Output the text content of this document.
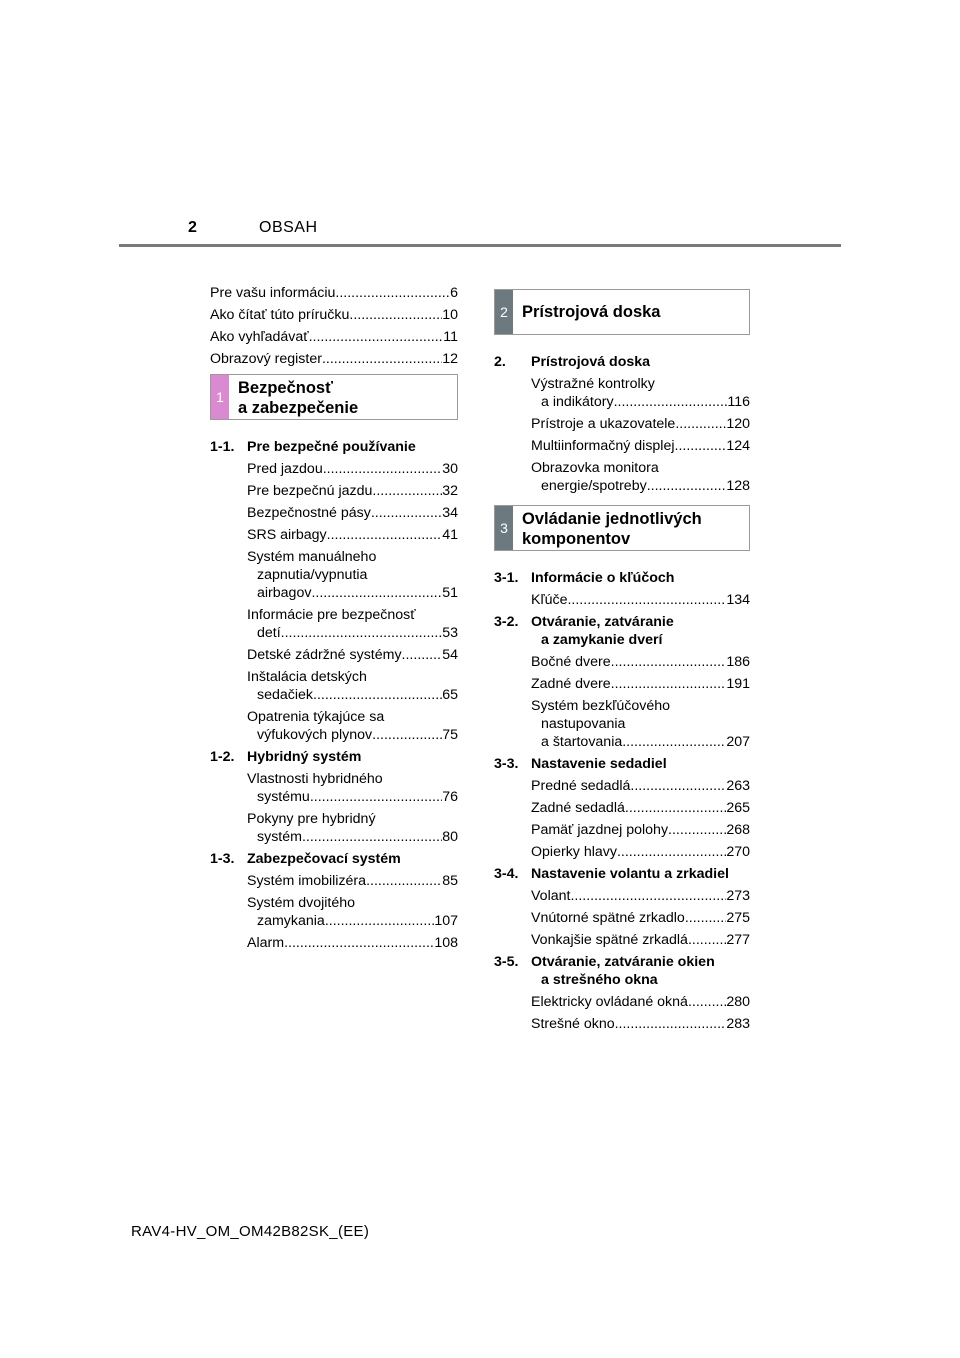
2	OBSAH
Pre vašu informáciu .....	6
Ako čítať túto príručku .....	10
Ako vyhľadávať .....	11
Obrazový register .....	12
1 Bezpečnosť
a zabezpečenie
1-1. Pre bezpečné používanie
Pred jazdou .....	30
Pre bezpečnú jazdu .....	32
Bezpečnostné pásy .....	34
SRS airbagy .....	41
Systém manuálneho
zapnutia/vypnutia
airbagov .....	51
Informácie pre bezpečnosť
detí .....	53
Detské zádržné systémy .....	54
Inštalácia detských
sedačiek .....	65
Opatrenia týkajúce sa
výfukových plynov .....	75
1-2. Hybridný systém
Vlastnosti hybridného
systému .....	76
Pokyny pre hybridný
systém .....	80
1-3. Zabezpečovací systém
Systém imobilizéra .....	85
Systém dvojitého
zamykania .....	107
Alarm .....	108
2 Prístrojová doska
2.	Prístrojová doska
Výstražné kontrolky
a indikátory .....	116
Prístroje a ukazovatele .....	120
Multiinformačný displej .....	124
Obrazovka monitora
energie/spotreby .....	128
3 Ovládanie jednotlivých
komponentov
3-1. Informácie o kľúčoch
Kľúče .....	134
3-2. Otváranie, zatváranie
a zamykanie dverí
Bočné dvere .....	186
Zadné dvere .....	191
Systém bezkľúčového
nastupovania
a štartovania .....	207
3-3. Nastavenie sedadiel
Predné sedadlá .....	263
Zadné sedadlá .....	265
Pamäť jazdnej polohy .....	268
Opierky hlavy .....	270
3-4. Nastavenie volantu a zrkadiel
Volant .....	273
Vnútorné spätné zrkadlo .....	275
Vonkajšie spätné zrkadlá .....	277
3-5. Otváranie, zatváranie okien
a strešného okna
Elektricky ovládané okná .....	280
Strešné okno .....	283
RAV4-HV_OM_OM42B82SK_(EE)
